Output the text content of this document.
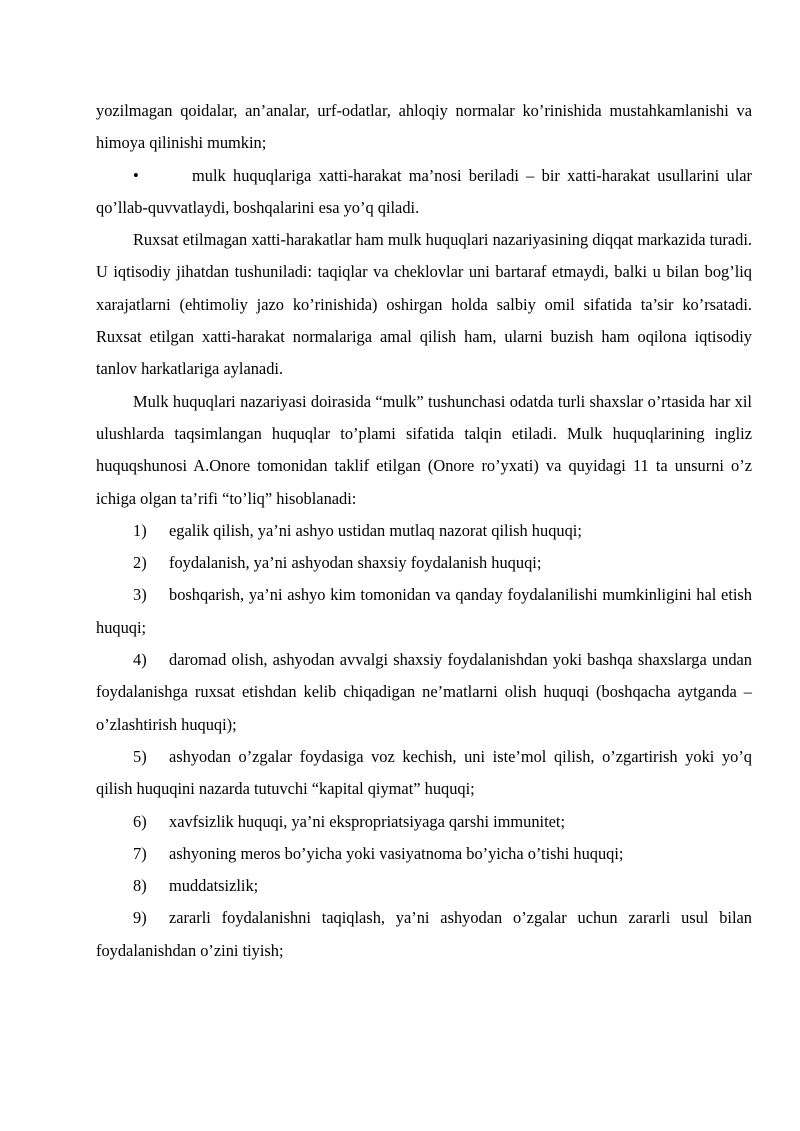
yozilmagan qoidalar, an’analar, urf-odatlar, ahloqiy normalar ko’rinishida mustahkamlanishi va himoya qilinishi mumkin;

•	mulk huquqlariga xatti-harakat ma’nosi beriladi – bir xatti-harakat usullarini ular qo’llab-quvvatlaydi, boshqalarini esa yo’q qiladi.

Ruxsat etilmagan xatti-harakatlar ham mulk huquqlari nazariyasining diqqat markazida turadi. U iqtisodiy jihatdan tushuniladi: taqiqlar va cheklovlar uni bartaraf etmaydi, balki u bilan bog’liq xarajatlarni (ehtimoliy jazo ko’rinishida) oshirgan holda salbiy omil sifatida ta’sir ko’rsatadi. Ruxsat etilgan xatti-harakat normalariga amal qilish ham, ularni buzish ham oqilona iqtisodiy tanlov harkatlariga aylanadi.

Mulk huquqlari nazariyasi doirasida “mulk” tushunchasi odatda turli shaxslar o’rtasida har xil ulushlarda taqsimlangan huquqlar to’plami sifatida talqin etiladi. Mulk huquqlarining ingliz huquqshunosi A.Onore tomonidan taklif etilgan (Onore ro’yxati) va quyidagi 11 ta unsurni o’z ichiga olgan ta’rifi “to’liq” hisoblanadi:

1) egalik qilish, ya’ni ashyo ustidan mutlaq nazorat qilish huquqi;

2) foydalanish, ya’ni ashyodan shaxsiy foydalanish huquqi;

3) boshqarish, ya’ni ashyo kim tomonidan va qanday foydalanilishi mumkinligini hal etish huquqi;

4) daromad olish, ashyodan avvalgi shaxsiy foydalanishdan yoki bashqa shaxslarga undan foydalanishga ruxsat etishdan kelib chiqadigan ne’matlarni olish huquqi (boshqacha aytganda – o’zlashtirish huquqi);

5) ashyodan o’zgalar foydasiga voz kechish, uni iste’mol qilish, o’zgartirish yoki yo’q qilish huquqini nazarda tutuvchi “kapital qiymat” huquqi;

6) xavfsizlik huquqi, ya’ni ekspropriatsiyaga qarshi immunitet;

7) ashyoning meros bo’yicha yoki vasiyatnoma bo’yicha o’tishi huquqi;

8) muddatsizlik;

9) zararli foydalanishni taqiqlash, ya’ni ashyodan o’zgalar uchun zararli usul bilan foydalanishdan o’zini tiyish;
